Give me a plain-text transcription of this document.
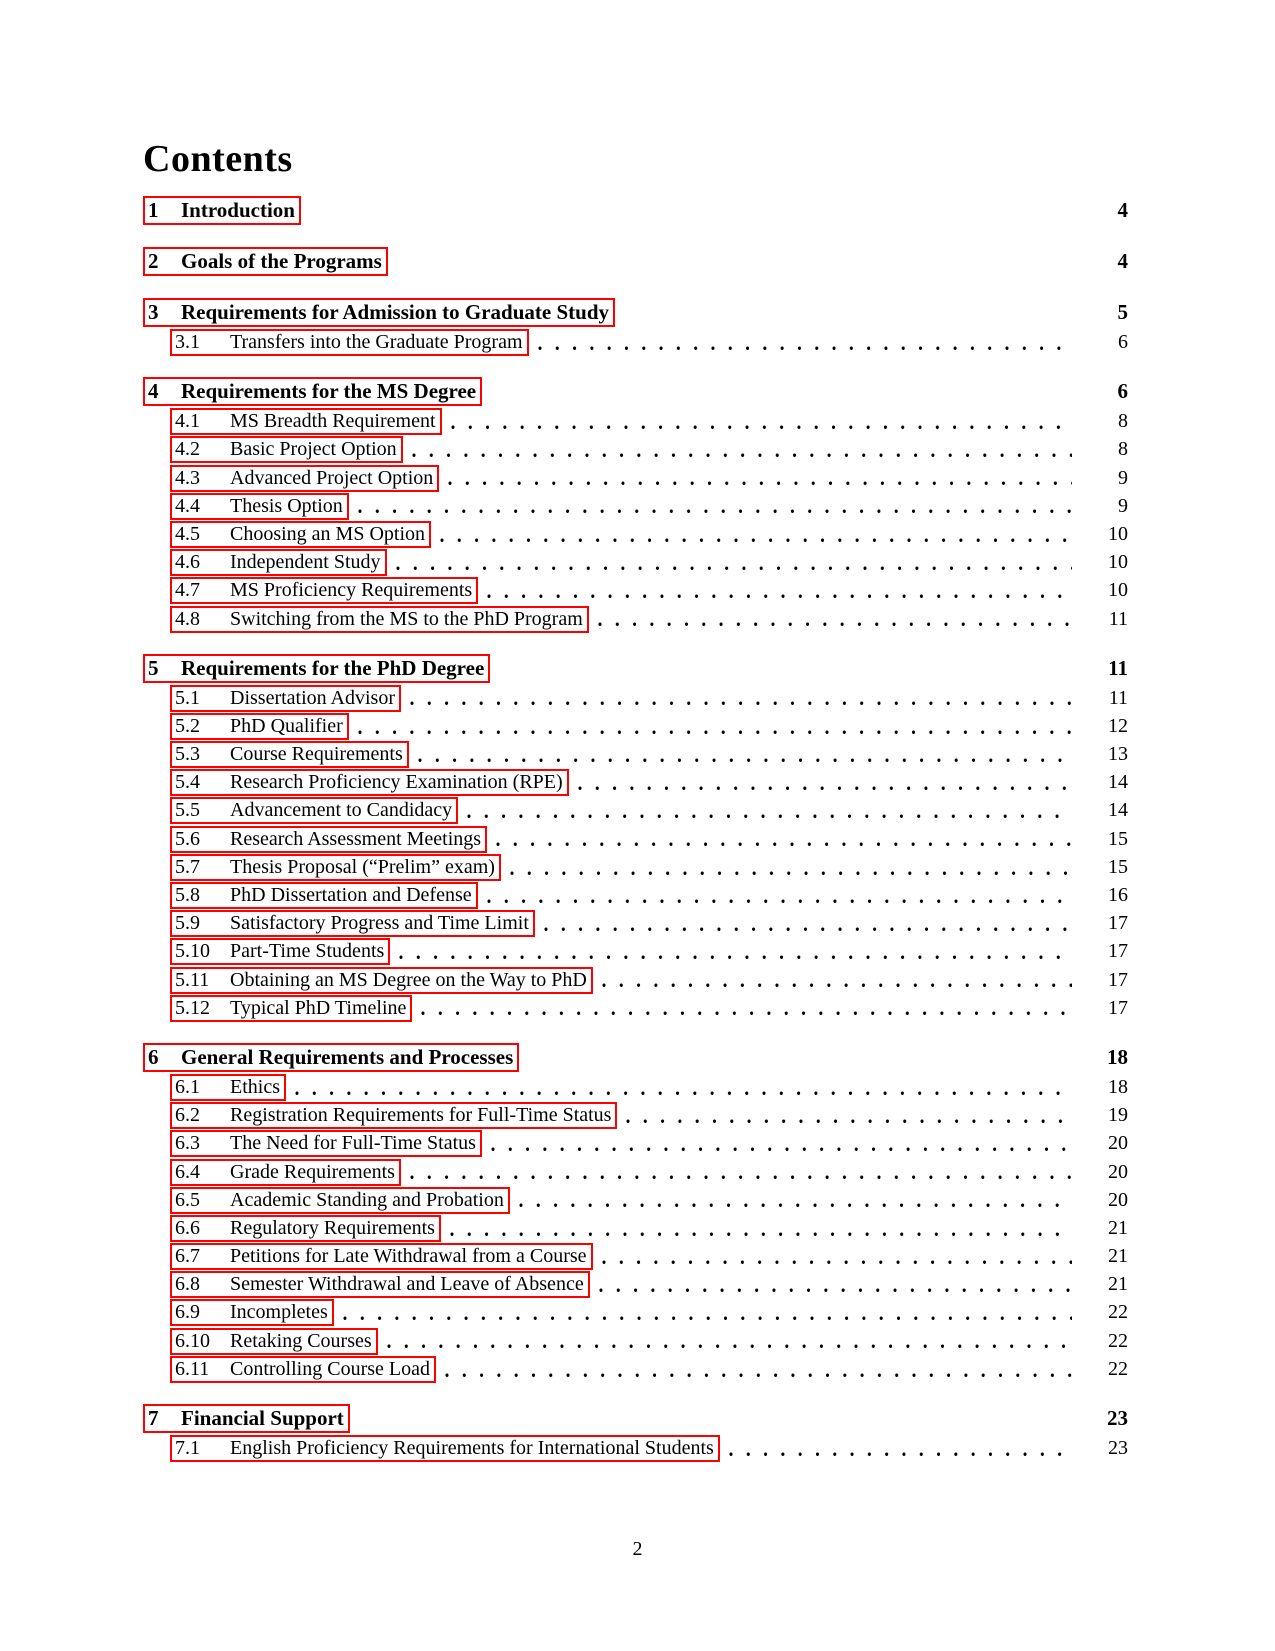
Contents
1	Introduction	4
2	Goals of the Programs	4
3	Requirements for Admission to Graduate Study	5
3.1	Transfers into the Graduate Program	6
4	Requirements for the MS Degree	6
4.1	MS Breadth Requirement	8
4.2	Basic Project Option	8
4.3	Advanced Project Option	9
4.4	Thesis Option	9
4.5	Choosing an MS Option	10
4.6	Independent Study	10
4.7	MS Proficiency Requirements	10
4.8	Switching from the MS to the PhD Program	11
5	Requirements for the PhD Degree	11
5.1	Dissertation Advisor	11
5.2	PhD Qualifier	12
5.3	Course Requirements	13
5.4	Research Proficiency Examination (RPE)	14
5.5	Advancement to Candidacy	14
5.6	Research Assessment Meetings	15
5.7	Thesis Proposal (“Prelim” exam)	15
5.8	PhD Dissertation and Defense	16
5.9	Satisfactory Progress and Time Limit	17
5.10	Part-Time Students	17
5.11	Obtaining an MS Degree on the Way to PhD	17
5.12	Typical PhD Timeline	17
6	General Requirements and Processes	18
6.1	Ethics	18
6.2	Registration Requirements for Full-Time Status	19
6.3	The Need for Full-Time Status	20
6.4	Grade Requirements	20
6.5	Academic Standing and Probation	20
6.6	Regulatory Requirements	21
6.7	Petitions for Late Withdrawal from a Course	21
6.8	Semester Withdrawal and Leave of Absence	21
6.9	Incompletes	22
6.10	Retaking Courses	22
6.11	Controlling Course Load	22
7	Financial Support	23
7.1	English Proficiency Requirements for International Students	23
2
